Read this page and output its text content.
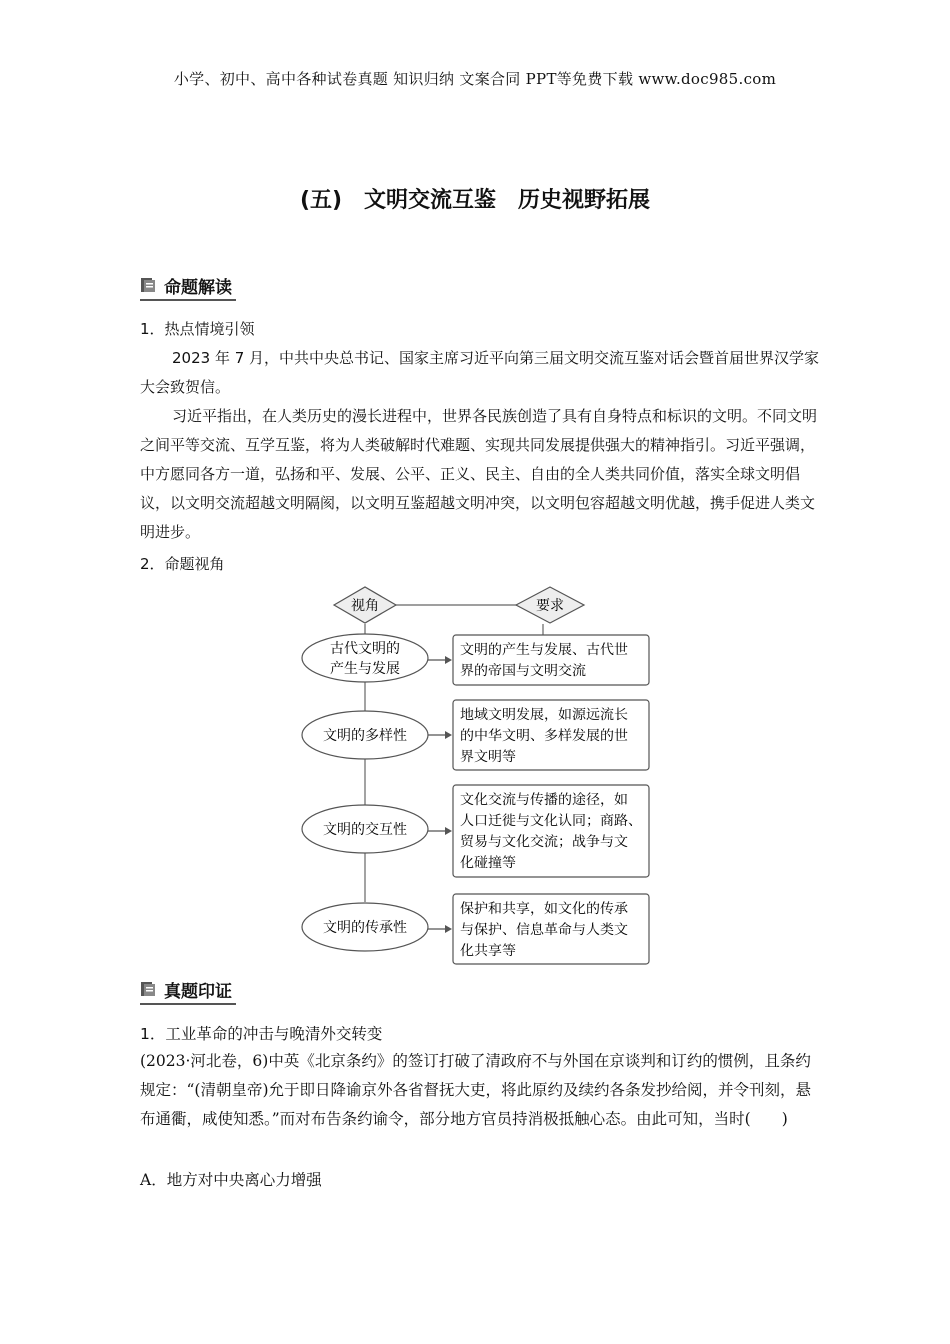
小学、初中、高中各种试卷真题 知识归纳 文案合同 PPT等免费下载 www.doc985.com
(五)　文明交流互鉴　历史视野拓展
命题解读
1．热点情境引领
2023 年 7 月，中共中央总书记、国家主席习近平向第三届文明交流互鉴对话会暨首届世界汉学家大会致贺信。
习近平指出，在人类历史的漫长进程中，世界各民族创造了具有自身特点和标识的文明。不同文明之间平等交流、互学互鉴，将为人类破解时代难题、实现共同发展提供强大的精神指引。习近平强调，中方愿同各方一道，弘扬和平、发展、公平、正义、民主、自由的全人类共同价值，落实全球文明倡议，以文明交流超越文明隔阂，以文明互鉴超越文明冲突，以文明包容超越文明优越，携手促进人类文明进步。
2．命题视角
视角	要求
古代文明的
产生与发展
文明的产生与发展、古代世
界的帝国与文明交流
文明的多样性
地域文明发展，如源远流长
的中华文明、多样发展的世
界文明等
文明的交互性
文化交流与传播的途径，如
人口迁徙与文化认同；商路、
贸易与文化交流；战争与文
化碰撞等
文明的传承性
保护和共享，如文化的传承
与保护、信息革命与人类文
化共享等
真题印证
1．工业革命的冲击与晚清外交转变
(2023·河北卷，6)中英《北京条约》的签订打破了清政府不与外国在京谈判和订约的惯例，且条约规定：“(清朝皇帝)允于即日降谕京外各省督抚大吏，将此原约及续约各条发抄给阅，并令刊刻，悬布通衢，咸使知悉。”而对布告条约谕令，部分地方官员持消极抵触心态。由此可知，当时(　　)
A．地方对中央离心力增强
